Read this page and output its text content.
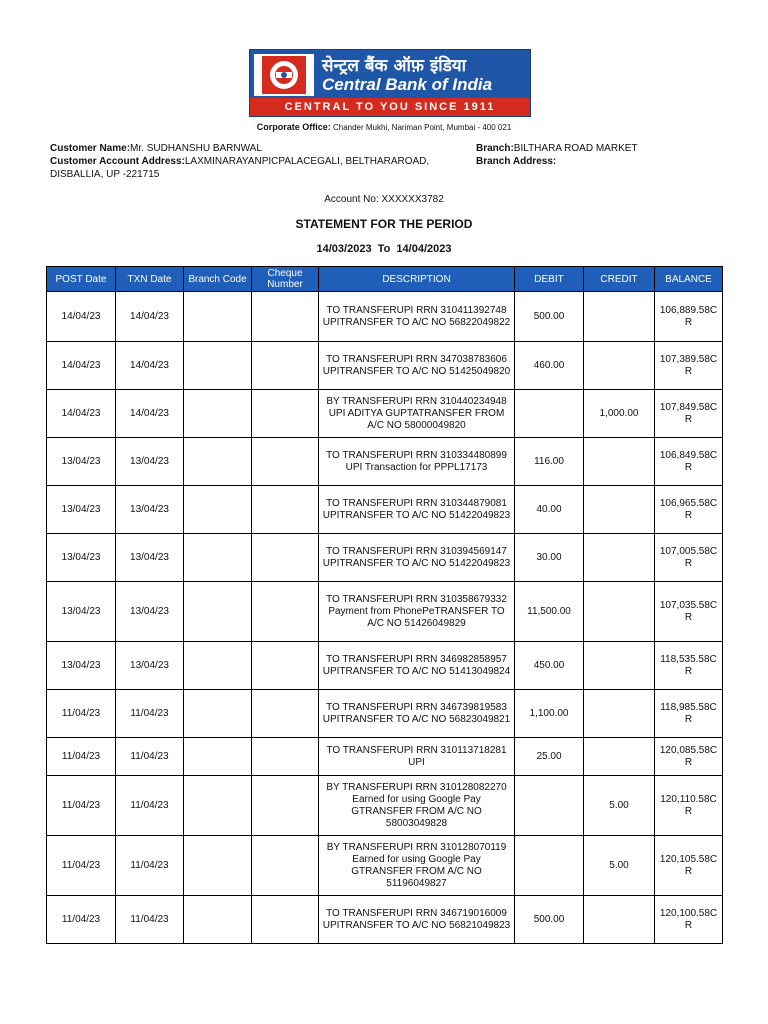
सेन्ट्रल बैंक ऑफ़ इंडिया
Central Bank of India
CENTRAL TO YOU SINCE 1911
Corporate Office: Chander Mukhi, Nariman Point, Mumbai - 400 021
Customer Name:Mr. SUDHANSHU BARNWAL
Customer Account Address:LAXMINARAYANPICPALACEGALI, BELTHARAROAD, DISBALLIA, UP -221715
Branch:BILTHARA ROAD MARKET
Branch Address:
Account No: XXXXXX3782
STATEMENT FOR THE PERIOD
14/03/2023  To  14/04/2023
POST Date	TXN Date	Branch Code	Cheque Number	DESCRIPTION	DEBIT	CREDIT	BALANCE
14/04/23	14/04/23			TO TRANSFERUPI RRN 310411392748 UPITRANSFER TO A/C NO 56822049822	500.00		106,889.58CR
14/04/23	14/04/23			TO TRANSFERUPI RRN 347038783606 UPITRANSFER TO A/C NO 51425049820	460.00		107,389.58CR
14/04/23	14/04/23			BY TRANSFERUPI RRN 310440234948 UPI ADITYA GUPTATRANSFER FROM A/C NO 58000049820		1,000.00	107,849.58CR
13/04/23	13/04/23			TO TRANSFERUPI RRN 310334480899 UPI Transaction for PPPL17173	116.00		106,849.58CR
13/04/23	13/04/23			TO TRANSFERUPI RRN 310344879081 UPITRANSFER TO A/C NO 51422049823	40.00		106,965.58CR
13/04/23	13/04/23			TO TRANSFERUPI RRN 310394569147 UPITRANSFER TO A/C NO 51422049823	30.00		107,005.58CR
13/04/23	13/04/23			TO TRANSFERUPI RRN 310358679332 Payment from PhonePeTRANSFER TO A/C NO 51426049829	11,500.00		107,035.58CR
13/04/23	13/04/23			TO TRANSFERUPI RRN 346982858957 UPITRANSFER TO A/C NO 51413049824	450.00		118,535.58CR
11/04/23	11/04/23			TO TRANSFERUPI RRN 346739819583 UPITRANSFER TO A/C NO 56823049821	1,100.00		118,985.58CR
11/04/23	11/04/23			TO TRANSFERUPI RRN 310113718281 UPI	25.00		120,085.58CR
11/04/23	11/04/23			BY TRANSFERUPI RRN 310128082270 Earned for using Google Pay GTRANSFER FROM A/C NO 58003049828		5.00	120,110.58CR
11/04/23	11/04/23			BY TRANSFERUPI RRN 310128070119 Earned for using Google Pay GTRANSFER FROM A/C NO 51196049827		5.00	120,105.58CR
11/04/23	11/04/23			TO TRANSFERUPI RRN 346719016009 UPITRANSFER TO A/C NO 56821049823	500.00		120,100.58CR
